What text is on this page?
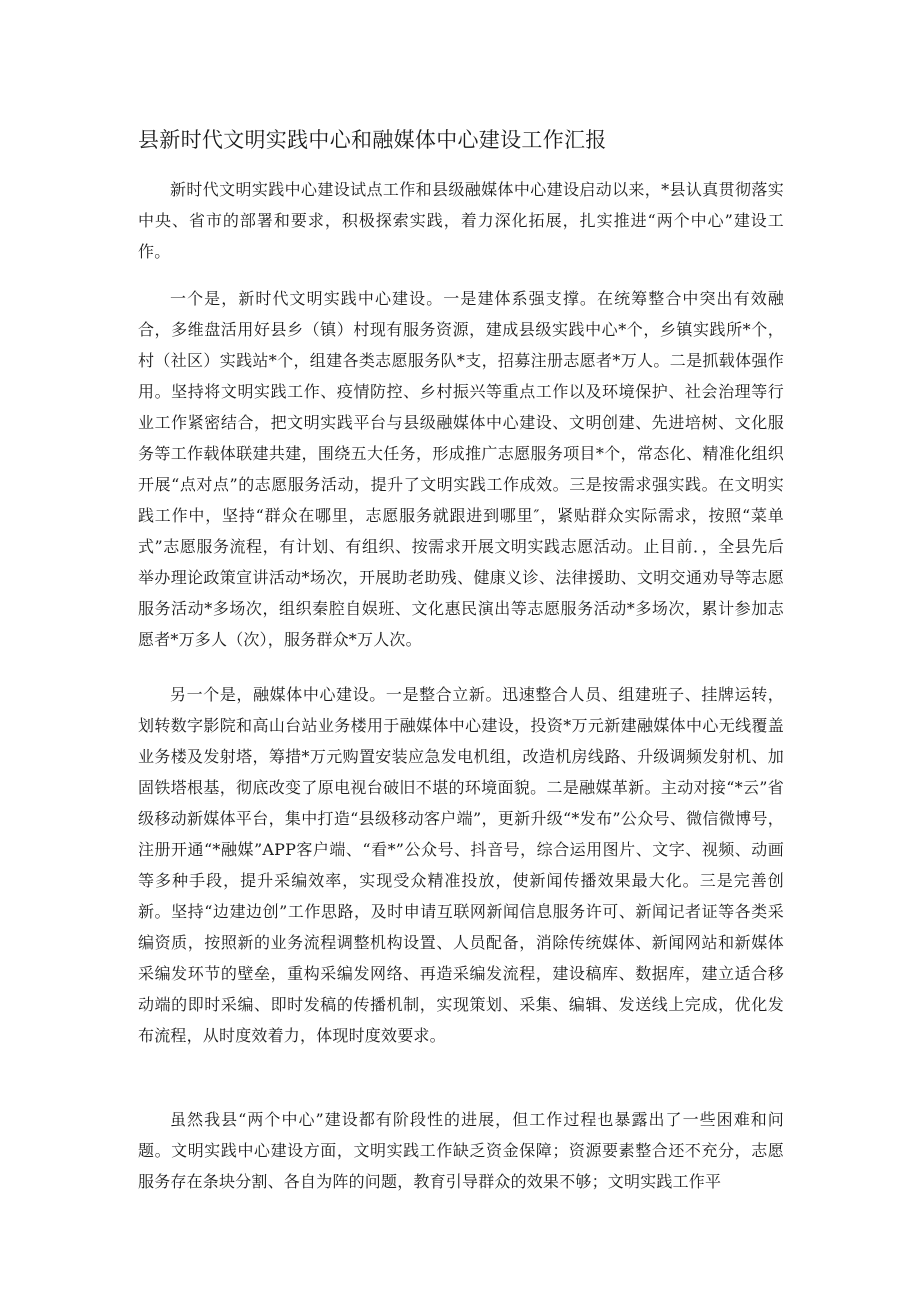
县新时代文明实践中心和融媒体中心建设工作汇报

新时代文明实践中心建设试点工作和县级融媒体中心建设启动以来，*县认真贯彻落实中央、省市的部署和要求，积极探索实践，着力深化拓展，扎实推进“两个中心”建设工作。

一个是，新时代文明实践中心建设。一是建体系强支撑。在统筹整合中突出有效融合，多维盘活用好县乡（镇）村现有服务资源，建成县级实践中心*个，乡镇实践所*个，村（社区）实践站*个，组建各类志愿服务队*支，招募注册志愿者*万人。二是抓载体强作用。坚持将文明实践工作、疫情防控、乡村振兴等重点工作以及环境保护、社会治理等行业工作紧密结合，把文明实践平台与县级融媒体中心建设、文明创建、先进培树、文化服务等工作载体联建共建，围绕五大任务，形成推广志愿服务项目*个，常态化、精准化组织开展“点对点”的志愿服务活动，提升了文明实践工作成效。三是按需求强实践。在文明实践工作中，坚持“群众在哪里，志愿服务就跟进到哪里″，紧贴群众实际需求，按照“菜单式”志愿服务流程，有计划、有组织、按需求开展文明实践志愿活动。止目前．，全县先后举办理论政策宣讲活动*场次，开展助老助残、健康义诊、法律援助、文明交通劝导等志愿服务活动*多场次，组织秦腔自娱班、文化惠民演出等志愿服务活动*多场次，累计参加志愿者*万多人（次），服务群众*万人次。

另一个是，融媒体中心建设。一是整合立新。迅速整合人员、组建班子、挂牌运转，划转数字影院和高山台站业务楼用于融媒体中心建设，投资*万元新建融媒体中心无线覆盖业务楼及发射塔，筹措*万元购置安装应急发电机组，改造机房线路、升级调频发射机、加固铁塔根基，彻底改变了原电视台破旧不堪的环境面貌。二是融媒革新。主动对接“*云”省级移动新媒体平台，集中打造“县级移动客户端”，更新升级“*发布”公众号、微信微博号，注册开通“*融媒”APP客户端、“看*”公众号、抖音号，综合运用图片、文字、视频、动画等多种手段，提升采编效率，实现受众精准投放，使新闻传播效果最大化。三是完善创新。坚持“边建边创”工作思路，及时申请互联网新闻信息服务许可、新闻记者证等各类采编资质，按照新的业务流程调整机构设置、人员配备，消除传统媒体、新闻网站和新媒体采编发环节的壁垒，重构采编发网络、再造采编发流程，建设稿库、数据库，建立适合移动端的即时采编、即时发稿的传播机制，实现策划、采集、编辑、发送线上完成，优化发布流程，从时度效着力，体现时度效要求。

虽然我县“两个中心”建设都有阶段性的进展，但工作过程也暴露出了一些困难和问题。文明实践中心建设方面，文明实践工作缺乏资金保障；资源要素整合还不充分，志愿服务存在条块分割、各自为阵的问题，教育引导群众的效果不够；文明实践工作平
